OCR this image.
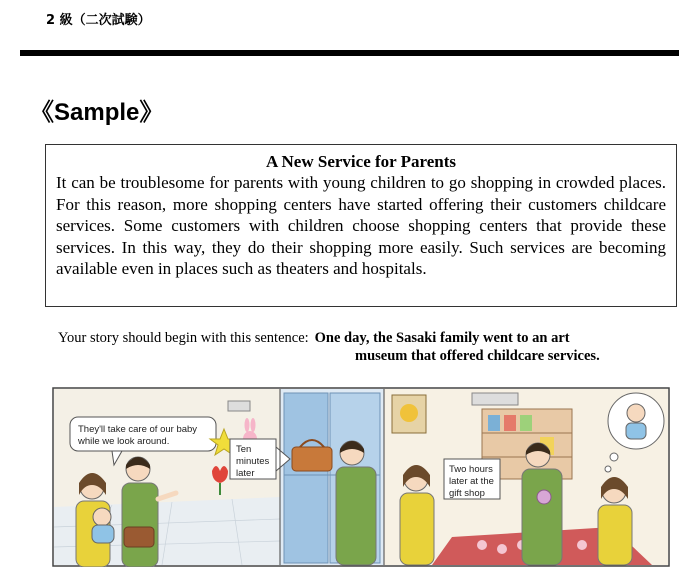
2 級（二次試験）
《Sample》
A New Service for Parents
It can be troublesome for parents with young children to go shopping in crowded places. For this reason, more shopping centers have started offering their customers childcare services. Some customers with children choose shopping centers that provide these services. In this way, they do their shopping more easily. Such services are becoming available even in places such as theaters and hospitals.
Your story should begin with this sentence: One day, the Sasaki family went to an art
museum that offered childcare services.
They'll take care of our baby
while we look around.
Ten
minutes
later	Two hours
later at the
gift shop
